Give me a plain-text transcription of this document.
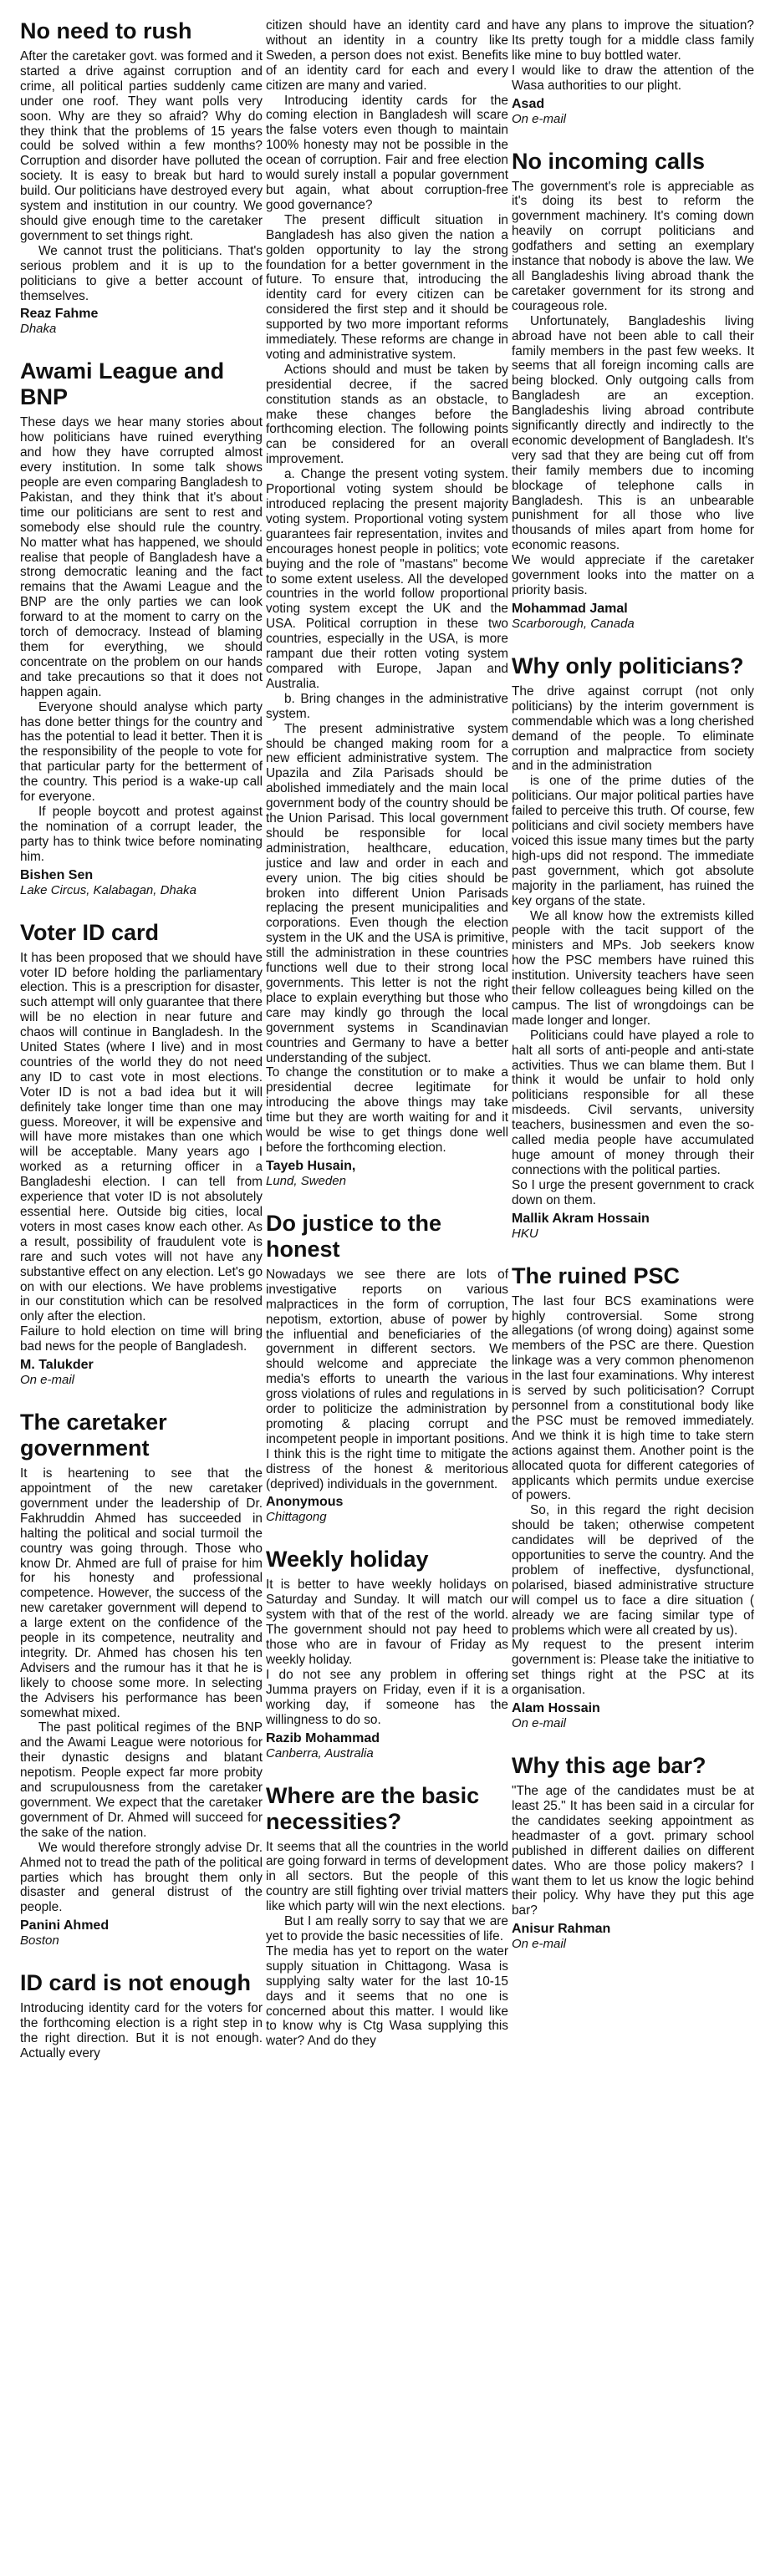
No need to rush

After the caretaker govt. was formed and it started a drive against corruption and crime, all political parties suddenly came under one roof. They want polls very soon. Why are they so afraid? Why do they think that the problems of 15 years could be solved within a few months? Corruption and disorder have polluted the society. It is easy to break but hard to build. Our politicians have destroyed every system and institution in our country. We should give enough time to the caretaker government to set things right.

We cannot trust the politicians. That's serious problem and it is up to the politicians to give a better account of themselves.

Reaz Fahme
Dhaka
Awami League and BNP

These days we hear many stories about how politicians have ruined everything and how they have corrupted almost every institution. In some talk shows people are even comparing Bangladesh to Pakistan, and they think that it's about time our politicians are sent to rest and somebody else should rule the country. No matter what has happened, we should realise that people of Bangladesh have a strong democratic leaning and the fact remains that the Awami League and the BNP are the only parties we can look forward to at the moment to carry on the torch of democracy. Instead of blaming them for everything, we should concentrate on the problem on our hands and take precautions so that it does not happen again.

Everyone should analyse which party has done better things for the country and has the potential to lead it better. Then it is the responsibility of the people to vote for that particular party for the betterment of the country. This period is a wake-up call for everyone.

If people boycott and protest against the nomination of a corrupt leader, the party has to think twice before nominating him.

Bishen Sen
Lake Circus, Kalabagan, Dhaka
Voter ID card

It has been proposed that we should have voter ID before holding the parliamentary election. This is a prescription for disaster, such attempt will only guarantee that there will be no election in near future and chaos will continue in Bangladesh. In the United States (where I live) and in most countries of the world they do not need any ID to cast vote in most elections. Voter ID is not a bad idea but it will definitely take longer time than one may guess. Moreover, it will be expensive and will have more mistakes than one which will be acceptable. Many years ago I worked as a returning officer in a Bangladeshi election. I can tell from experience that voter ID is not absolutely essential here. Outside big cities, local voters in most cases know each other. As a result, possibility of fraudulent vote is rare and such votes will not have any substantive effect on any election. Let's go on with our elections. We have problems in our constitution which can be resolved only after the election.

Failure to hold election on time will bring bad news for the people of Bangladesh.

M. Talukder
On e-mail
The caretaker government

It is heartening to see that the appointment of the new caretaker government under the leadership of Dr. Fakhruddin Ahmed has succeeded in halting the political and social turmoil the country was going through. Those who know Dr. Ahmed are full of praise for him for his honesty and professional competence. However, the success of the new caretaker government will depend to a large extent on the confidence of the people in its competence, neutrality and integrity. Dr. Ahmed has chosen his ten Advisers and the rumour has it that he is likely to choose some more. In selecting the Advisers his performance has been somewhat mixed.

The past political regimes of the BNP and the Awami League were notorious for their dynastic designs and blatant nepotism. People expect far more probity and scrupulousness from the caretaker government. We expect that the caretaker government of Dr. Ahmed will succeed for the sake of the nation.

We would therefore strongly advise Dr. Ahmed not to tread the path of the political parties which has brought them only disaster and general distrust of the people.

Panini Ahmed
Boston
ID card is not enough

Introducing identity card for the voters for the forthcoming election is a right step in the right direction. But it is not enough. Actually every

citizen should have an identity card and without an identity in a country like Sweden, a person does not exist. Benefits of an identity card for each and every citizen are many and varied.

Introducing identity cards for the coming election in Bangladesh will scare the false voters even though to maintain 100% honesty may not be possible in the ocean of corruption. Fair and free election would surely install a popular government but again, what about corruption-free good governance?

The present difficult situation in Bangladesh has also given the nation a golden opportunity to lay the strong foundation for a better government in the future. To ensure that, introducing the identity card for every citizen can be considered the first step and it should be supported by two more important reforms immediately. These reforms are change in voting and administrative system.

Actions should and must be taken by presidential decree, if the sacred constitution stands as an obstacle, to make these changes before the forthcoming election. The following points can be considered for an overall improvement.

a. Change the present voting system. Proportional voting system should be introduced replacing the present majority voting system. Proportional voting system guarantees fair representation, invites and encourages honest people in politics; vote buying and the role of "mastans" become to some extent useless. All the developed countries in the world follow proportional voting system except the UK and the USA. Political corruption in these two countries, especially in the USA, is more rampant due their rotten voting system compared with Europe, Japan and Australia.

b. Bring changes in the administrative system.

The present administrative system should be changed making room for a new efficient administrative system. The Upazila and Zila Parisads should be abolished immediately and the main local government body of the country should be the Union Parisad. This local government should be responsible for local administration, healthcare, education, justice and law and order in each and every union. The big cities should be broken into different Union Parisads replacing the present municipalities and corporations. Even though the election system in the UK and the USA is primitive, still the administration in these countries functions well due to their strong local governments. This letter is not the right place to explain everything but those who care may kindly go through the local government systems in Scandinavian countries and Germany to have a better understanding of the subject.

To change the constitution or to make a presidential decree legitimate for introducing the above things may take time but they are worth waiting for and it would be wise to get things done well before the forthcoming election.

Tayeb Husain,
Lund, Sweden
Do justice to the honest

Nowadays we see there are lots of investigative reports on various malpractices in the form of corruption, nepotism, extortion, abuse of power by the influential and beneficiaries of the government in different sectors. We should welcome and appreciate the media's efforts to unearth the various gross violations of rules and regulations in order to politicize the administration by promoting & placing corrupt and incompetent people in important positions. I think this is the right time to mitigate the distress of the honest & meritorious (deprived) individuals in the government.

Anonymous
Chittagong
Weekly holiday

It is better to have weekly holidays on Saturday and Sunday. It will match our system with that of the rest of the world. The government should not pay heed to those who are in favour of Friday as weekly holiday.

I do not see any problem in offering Jumma prayers on Friday, even if it is a working day, if someone has the willingness to do so.

Razib Mohammad
Canberra, Australia
Where are the basic necessities?

It seems that all the countries in the world are going forward in terms of development in all sectors. But the people of this country are still fighting over trivial matters like which party will win the next elections.

But I am really sorry to say that we are yet to provide the basic necessities of life.

The media has yet to report on the water supply situation in Chittagong. Wasa is supplying salty water for the last 10-15 days and it seems that no one is concerned about this matter. I would like to know why is Ctg Wasa supplying this water? And do they

have any plans to improve the situation? Its pretty tough for a middle class family like mine to buy bottled water.

I would like to draw the attention of the Wasa authorities to our plight.

Asad
On e-mail
No incoming calls

The government's role is appreciable as it's doing its best to reform the government machinery. It's coming down heavily on corrupt politicians and godfathers and setting an exemplary instance that nobody is above the law. We all Bangladeshis living abroad thank the caretaker government for its strong and courageous role.

Unfortunately, Bangladeshis living abroad have not been able to call their family members in the past few weeks. It seems that all foreign incoming calls are being blocked. Only outgoing calls from Bangladesh are an exception. Bangladeshis living abroad contribute significantly directly and indirectly to the economic development of Bangladesh. It's very sad that they are being cut off from their family members due to incoming blockage of telephone calls in Bangladesh. This is an unbearable punishment for all those who live thousands of miles apart from home for economic reasons.

We would appreciate if the caretaker government looks into the matter on a priority basis.

Mohammad Jamal
Scarborough, Canada
Why only politicians?

The drive against corrupt (not only politicians) by the interim government is commendable which was a long cherished demand of the people. To eliminate corruption and malpractice from society and in the administration

is one of the prime duties of the politicians. Our major political parties have failed to perceive this truth. Of course, few politicians and civil society members have voiced this issue many times but the party high-ups did not respond. The immediate past government, which got absolute majority in the parliament, has ruined the key organs of the state.

We all know how the extremists killed people with the tacit support of the ministers and MPs. Job seekers know how the PSC members have ruined this institution. University teachers have seen their fellow colleagues being killed on the campus. The list of wrongdoings can be made longer and longer.

Politicians could have played a role to halt all sorts of anti-people and anti-state activities. Thus we can blame them. But I think it would be unfair to hold only politicians responsible for all these misdeeds. Civil servants, university teachers, businessmen and even the so-called media people have accumulated huge amount of money through their connections with the political parties.

So I urge the present government to crack down on them.

Mallik Akram Hossain
HKU
The ruined PSC

The last four BCS examinations were highly controversial. Some strong allegations (of wrong doing) against some members of the PSC are there. Question linkage was a very common phenomenon in the last four examinations. Why interest is served by such politicisation? Corrupt personnel from a constitutional body like the PSC must be removed immediately. And we think it is high time to take stern actions against them. Another point is the allocated quota for different categories of applicants which permits undue exercise of powers.

So, in this regard the right decision should be taken; otherwise competent candidates will be deprived of the opportunities to serve the country. And the problem of ineffective, dysfunctional, polarised, biased administrative structure will compel us to face a dire situation ( already we are facing similar type of problems which were all created by us).

My request to the present interim government is: Please take the initiative to set things right at the PSC at its organisation.

Alam Hossain
On e-mail
Why this age bar?

"The age of the candidates must be at least 25." It has been said in a circular for the candidates seeking appointment as headmaster of a govt. primary school published in different dailies on different dates. Who are those policy makers? I want them to let us know the logic behind their policy. Why have they put this age bar?

Anisur Rahman
On e-mail
